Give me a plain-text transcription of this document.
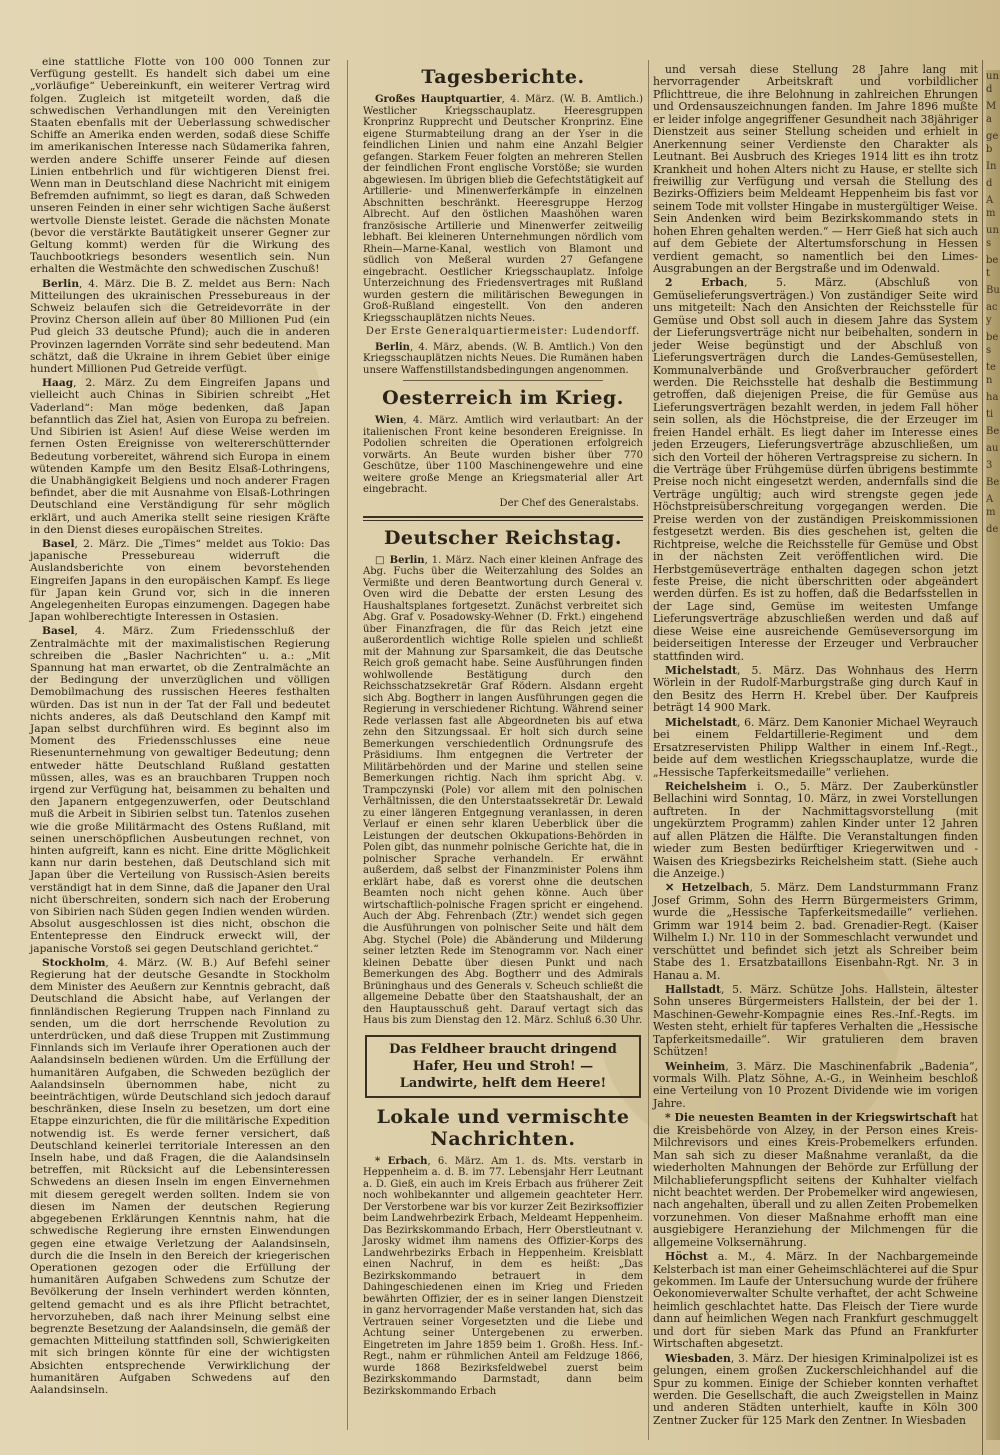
eine stattliche Flotte von 100 000 Tonnen zur Verfügung gestellt. Es handelt sich dabei um eine „vorläufige“ Uebereinkunft, ein weiterer Vertrag wird folgen. Zugleich ist mitgeteilt worden, daß die schwedischen Verhandlungen mit den Vereinigten Staaten ebenfalls mit der Ueberlassung schwedischer Schiffe an Amerika enden werden, sodaß diese Schiffe im amerikanischen Interesse nach Südamerika fahren, werden andere Schiffe unserer Feinde auf diesen Linien entbehrlich und für wichtigeren Dienst frei. Wenn man in Deutschland diese Nachricht mit einigem Befremden aufnimmt, so liegt es daran, daß Schweden unseren Feinden in einer sehr wichtigen Sache äußerst wertvolle Dienste leistet. Gerade die nächsten Monate (bevor die verstärkte Bautätigkeit unserer Gegner zur Geltung kommt) werden für die Wirkung des Tauchbootkriegs besonders wesentlich sein. Nun erhalten die Westmächte den schwedischen Zuschuß!

Berlin, 4. März. Die B. Z. meldet aus Bern: Nach Mitteilungen des ukrainischen Pressebureaus in der Schweiz belaufen sich die Getreidevorräte in der Provinz Cherson allein auf über 80 Millionen Pud (ein Pud gleich 33 deutsche Pfund); auch die in anderen Provinzen lagernden Vorräte sind sehr bedeutend. Man schätzt, daß die Ukraine in ihrem Gebiet über einige hundert Millionen Pud Getreide verfügt.

Haag, 2. März. Zu dem Eingreifen Japans und vielleicht auch Chinas in Sibirien schreibt „Het Vaderland“: Man möge bedenken, daß Japan befanntlich das Ziel hat, Asien von Europa zu befreien. Und Sibirien ist Asien! Auf diese Weise werden im fernen Osten Ereignisse von weltererschütternder Bedeutung vorbereitet, während sich Europa in einem wütenden Kampfe um den Besitz Elsaß-Lothringens, die Unabhängigkeit Belgiens und noch anderer Fragen befindet, aber die mit Ausnahme von Elsaß-Lothringen Deutschland eine Verständigung für sehr möglich erklärt, und auch Amerika stellt seine riesigen Kräfte in den Dienst dieses europäischen Streites.

Basel, 2. März. Die „Times“ meldet aus Tokio: Das japanische Pressebureau widerruft die Auslandsberichte von einem bevorstehenden Eingreifen Japans in den europäischen Kampf. Es liege für Japan kein Grund vor, sich in die inneren Angelegenheiten Europas einzumengen. Dagegen habe Japan wohlberechtigte Interessen in Ostasien.

Basel, 4. März. Zum Friedensschluß der Zentralmächte mit der maximalistischen Regierung schreiben die „Basler Nachrichten“ u. a.: „Mit Spannung hat man erwartet, ob die Zentralmächte an der Bedingung der unverzüglichen und völligen Demobilmachung des russischen Heeres festhalten würden. Das ist nun in der Tat der Fall und bedeutet nichts anderes, als daß Deutschland den Kampf mit Japan selbst durchführen wird. Es beginnt also im Moment des Friedensschlusses eine neue Riesenunternehmung von gewaltiger Bedeutung; denn entweder hätte Deutschland Rußland gestatten müssen, alles, was es an brauchbaren Truppen noch irgend zur Verfügung hat, beisammen zu behalten und den Japanern entgegenzuwerfen, oder Deutschland muß die Arbeit in Sibirien selbst tun. Tatenlos zusehen wie die große Militärmacht des Ostens Rußland, mit seinen unerschöpflichen Ausbeutungen rechnet, von hinten aufgreift, kann es nicht. Eine dritte Möglichkeit kann nur darin bestehen, daß Deutschland sich mit Japan über die Verteilung von Russisch-Asien bereits verständigt hat in dem Sinne, daß die Japaner den Ural nicht überschreiten, sondern sich nach der Eroberung von Sibirien nach Süden gegen Indien wenden würden. Absolut ausgeschlossen ist dies nicht, obschon die Ententepresse den Eindruck erweckt will, der japanische Vorstoß sei gegen Deutschland gerichtet.“

Stockholm, 4. März. (W. B.) Auf Befehl seiner Regierung hat der deutsche Gesandte in Stockholm dem Minister des Aeußern zur Kenntnis gebracht, daß Deutschland die Absicht habe, auf Verlangen der finnländischen Regierung Truppen nach Finnland zu senden, um die dort herrschende Revolution zu unterdrücken, und daß diese Truppen mit Zustimmung Finnlands sich im Verlaufe ihrer Operationen auch der Aalandsinseln bedienen würden. Um die Erfüllung der humanitären Aufgaben, die Schweden bezüglich der Aalandsinseln übernommen habe, nicht zu beeinträchtigen, würde Deutschland sich jedoch darauf beschränken, diese Inseln zu besetzen, um dort eine Etappe einzurichten, die für die militärische Expedition notwendig ist. Es werde ferner versichert, daß Deutschland keinerlei territoriale Interessen an den Inseln habe, und daß Fragen, die die Aalandsinseln betreffen, mit Rücksicht auf die Lebensinteressen Schwedens an diesen Inseln im engen Einvernehmen mit diesem geregelt werden sollten. Indem sie von diesen im Namen der deutschen Regierung abgegebenen Erklärungen Kenntnis nahm, hat die schwedische Regierung ihre ernsten Einwendungen gegen eine etwaige Verletzung der Aalandsinseln, durch die die Inseln in den Bereich der kriegerischen Operationen gezogen oder die Erfüllung der humanitären Aufgaben Schwedens zum Schutze der Bevölkerung der Inseln verhindert werden könnten, geltend gemacht und es als ihre Pflicht betrachtet, hervorzuheben, daß nach ihrer Meinung selbst eine begrenzte Besetzung der Aalandsinseln, die gemäß der gemachten Mitteilung stattfinden soll, Schwierigkeiten mit sich bringen könnte für eine der wichtigsten Absichten entsprechende Verwirklichung der humanitären Aufgaben Schwedens auf den Aalandsinseln.

Tagesberichte.

Großes Hauptquartier, 4. März. (W. B. Amtlich.) Westlicher Kriegsschauplatz. Heeresgruppen Kronprinz Rupprecht und Deutscher Kronprinz. Eine eigene Sturmabteilung drang an der Yser in die feindlichen Linien und nahm eine Anzahl Belgier gefangen. Starkem Feuer folgten an mehreren Stellen der feindlichen Front englische Vorstöße; sie wurden abgewiesen. Im übrigen blieb die Gefechtstätigkeit auf Artillerie- und Minenwerferkämpfe in einzelnen Abschnitten beschränkt. Heeresgruppe Herzog Albrecht. Auf den östlichen Maashöhen waren französische Artillerie und Minenwerfer zeitweilig lebhaft. Bei kleineren Unternehmungen nördlich vom Rhein—Marne-Kanal, westlich von Blamont und südlich von Meßeral wurden 27 Gefangene eingebracht. Oestlicher Kriegsschauplatz. Infolge Unterzeichnung des Friedensvertrages mit Rußland wurden gestern die militärischen Bewegungen in Groß-Rußland eingestellt. Von den anderen Kriegsschauplätzen nichts Neues.

Der Erste Generalquartiermeister: Ludendorff.

Berlin, 4. März, abends. (W. B. Amtlich.) Von den Kriegsschauplätzen nichts Neues. Die Rumänen haben unsere Waffenstillstandsbedingungen angenommen.

Oesterreich im Krieg.

Wien, 4. März. Amtlich wird verlautbart: An der italienischen Front keine besonderen Ereignisse. In Podolien schreiten die Operationen erfolgreich vorwärts. An Beute wurden bisher über 770 Geschütze, über 1100 Maschinengewehre und eine weitere große Menge an Kriegsmaterial aller Art eingebracht.

Der Chef des Generalstabs.
Deutscher Reichstag.

□ Berlin, 1. März. Nach einer kleinen Anfrage des Abg. Fuchs über die Weiterzahlung des Soldes an Vermißte und deren Beantwortung durch General v. Oven wird die Debatte der ersten Lesung des Haushaltsplanes fortgesetzt. Zunächst verbreitet sich Abg. Graf v. Posadowsky-Wehner (D. Frkt.) eingehend über Finanzfragen, die für das Reich jetzt eine außerordentlich wichtige Rolle spielen und schließt mit der Mahnung zur Sparsamkeit, die das Deutsche Reich groß gemacht habe. Seine Ausführungen finden wohlwollende Bestätigung durch den Reichsschatzsekretär Graf Rödern. Alsdann ergeht sich Abg. Bogtherr in langen Ausführungen gegen die Regierung in verschiedener Richtung. Während seiner Rede verlassen fast alle Abgeordneten bis auf etwa zehn den Sitzungssaal. Er holt sich durch seine Bemerkungen verschiedentlich Ordnungsrufe des Präsidiums. Ihm entgegnen die Vertreter der Militärbehörden und der Marine und stellen seine Bemerkungen richtig. Nach ihm spricht Abg. v. Trampczynski (Pole) vor allem mit den polnischen Verhältnissen, die den Unterstaatssekretär Dr. Lewald zu einer längeren Entgegnung veranlassen, in deren Verlauf er einen sehr klaren Ueberblick über die Leistungen der deutschen Okkupations-Behörden in Polen gibt, das nunmehr polnische Gerichte hat, die in polnischer Sprache verhandeln. Er erwähnt außerdem, daß selbst der Finanzminister Polens ihm erklärt habe, daß es vorerst ohne die deutschen Beamten noch nicht gehen könne. Auch über wirtschaftlich-polnische Fragen spricht er eingehend. Auch der Abg. Fehrenbach (Ztr.) wendet sich gegen die Ausführungen von polnischer Seite und hält dem Abg. Stychel (Pole) die Abänderung und Milderung seiner letzten Rede im Stenogramm vor. Nach einer kleinen Debatte über diesen Punkt und nach Bemerkungen des Abg. Bogtherr und des Admirals Brüninghaus und des Generals v. Scheuch schließt die allgemeine Debatte über den Staatshaushalt, der an den Hauptausschuß geht. Darauf vertagt sich das Haus bis zum Dienstag den 12. März. Schluß 6.30 Uhr.

Das Feldheer braucht dringend Hafer, Heu und Stroh! — Landwirte, helft dem Heere!
Lokale und vermischte Nachrichten.

* Erbach, 6. März. Am 1. ds. Mts. verstarb in Heppenheim a. d. B. im 77. Lebensjahr Herr Leutnant a. D. Gieß, ein auch im Kreis Erbach aus früherer Zeit noch wohlbekannter und allgemein geachteter Herr. Der Verstorbene war bis vor kurzer Zeit Bezirksoffizier beim Landwehrbezirk Erbach, Meldeamt Heppenheim. Das Bezirkskommando Erbach, Herr Oberstleutnant v. Jarosky widmet ihm namens des Offizier-Korps des Landwehrbezirks Erbach in Heppenheim. Kreisblatt einen Nachruf, in dem es heißt: „Das Bezirkskommando betrauert in dem Dahingeschiedenen einen im Krieg und Frieden bewährten Offizier, der es in seiner langen Dienstzeit in ganz hervorragender Maße verstanden hat, sich das Vertrauen seiner Vorgesetzten und die Liebe und Achtung seiner Untergebenen zu erwerben. Eingetreten im Jahre 1859 beim 1. Großh. Hess. Inf.-Regt., nahm er rühmlichen Anteil am Feldzuge 1866, wurde 1868 Bezirksfeldwebel zuerst beim Bezirkskommando Darmstadt, dann beim Bezirkskommando Erbach

und versah diese Stellung 28 Jahre lang mit hervorragender Arbeitskraft und vorbildlicher Pflichttreue, die ihre Belohnung in zahlreichen Ehrungen und Ordensauszeichnungen fanden. Im Jahre 1896 mußte er leider infolge angegriffener Gesundheit nach 38jähriger Dienstzeit aus seiner Stellung scheiden und erhielt in Anerkennung seiner Verdienste den Charakter als Leutnant. Bei Ausbruch des Krieges 1914 litt es ihn trotz Krankheit und hohen Alters nicht zu Hause, er stellte sich freiwillig zur Verfügung und versah die Stellung des Bezirks-Offiziers beim Meldeamt Heppenheim bis fast vor seinem Tode mit vollster Hingabe in mustergültiger Weise. Sein Andenken wird beim Bezirkskommando stets in hohen Ehren gehalten werden.“ — Herr Gieß hat sich auch auf dem Gebiete der Altertumsforschung in Hessen verdient gemacht, so namentlich bei den Limes-Ausgrabungen an der Bergstraße und im Odenwald.

2 Erbach, 5. März. (Abschluß von Gemüselieferungsverträgen.) Von zuständiger Seite wird uns mitgeteilt: Nach den Ansichten der Reichsstelle für Gemüse und Obst soll auch in diesem Jahre das System der Lieferungsverträge nicht nur beibehalten, sondern in jeder Weise begünstigt und der Abschluß von Lieferungsverträgen durch die Landes-Gemüsestellen, Kommunalverbände und Großverbraucher gefördert werden. Die Reichsstelle hat deshalb die Bestimmung getroffen, daß diejenigen Preise, die für Gemüse aus Lieferungsverträgen bezahlt werden, in jedem Fall höher sein sollen, als die Höchstpreise, die der Erzeuger im freien Handel erhält. Es liegt daher im Interesse eines jeden Erzeugers, Lieferungsverträge abzuschließen, um sich den Vorteil der höheren Vertragspreise zu sichern. In die Verträge über Frühgemüse dürfen übrigens bestimmte Preise noch nicht eingesetzt werden, andernfalls sind die Verträge ungültig; auch wird strengste gegen jede Höchstpreisüberschreitung vorgegangen werden. Die Preise werden von der zuständigen Preiskommissionen festgesetzt werden. Bis dies geschehen ist, gelten die Richtpreise, welche die Reichsstelle für Gemüse und Obst in der nächsten Zeit veröffentlichen wird. Die Herbstgemüseverträge enthalten dagegen schon jetzt feste Preise, die nicht überschritten oder abgeändert werden dürfen. Es ist zu hoffen, daß die Bedarfsstellen in der Lage sind, Gemüse im weitesten Umfange Lieferungsverträge abzuschließen werden und daß auf diese Weise eine ausreichende Gemüseversorgung im beiderseitigen Interesse der Erzeuger und Verbraucher stattfinden wird.

Michelstadt, 5. März. Das Wohnhaus des Herrn Wörlein in der Rudolf-Marburgstraße ging durch Kauf in den Besitz des Herrn H. Krebel über. Der Kaufpreis beträgt 14 900 Mark.

Michelstadt, 6. März. Dem Kanonier Michael Weyrauch bei einem Feldartillerie-Regiment und dem Ersatzreservisten Philipp Walther in einem Inf.-Regt., beide auf dem westlichen Kriegsschauplatze, wurde die „Hessische Tapferkeitsmedaille“ verliehen.

Reichelsheim i. O., 5. März. Der Zauberkünstler Bellachini wird Sonntag, 10. März, in zwei Vorstellungen auftreten. In der Nachmittagsvorstellung (mit ungekürztem Programm) zahlen Kinder unter 12 Jahren auf allen Plätzen die Hälfte. Die Veranstaltungen finden wieder zum Besten bedürftiger Kriegerwitwen und -Waisen des Kriegsbezirks Reichelsheim statt. (Siehe auch die Anzeige.)

✕ Hetzelbach, 5. März. Dem Landsturmmann Franz Josef Grimm, Sohn des Herrn Bürgermeisters Grimm, wurde die „Hessische Tapferkeitsmedaille“ verliehen. Grimm war 1914 beim 2. bad. Grenadier-Regt. (Kaiser Wilhelm I.) Nr. 110 in der Sommeschlacht verwundet und verschüttet und befindet sich jetzt als Schreiber beim Stabe des 1. Ersatzbataillons Eisenbahn-Rgt. Nr. 3 in Hanau a. M.

Hallstadt, 5. März. Schütze Johs. Hallstein, ältester Sohn unseres Bürgermeisters Hallstein, der bei der 1. Maschinen-Gewehr-Kompagnie eines Res.-Inf.-Regts. im Westen steht, erhielt für tapferes Verhalten die „Hessische Tapferkeitsmedaille“. Wir gratulieren dem braven Schützen!

Weinheim, 3. März. Die Maschinenfabrik „Badenia“, vormals Wilh. Platz Söhne, A.-G., in Weinheim beschloß eine Verteilung von 10 Prozent Dividende wie im vorigen Jahre.

* Die neuesten Beamten in der Kriegswirtschaft hat die Kreisbehörde von Alzey, in der Person eines Kreis-Milchrevisors und eines Kreis-Probemelkers erfunden. Man sah sich zu dieser Maßnahme veranlaßt, da die wiederholten Mahnungen der Behörde zur Erfüllung der Milchablieferungspflicht seitens der Kuhhalter vielfach nicht beachtet werden. Der Probemelker wird angewiesen, nach angehalten, überall und zu allen Zeiten Probemelken vorzunehmen. Von dieser Maßnahme erhofft man eine ausgiebigere Heranziehung der Milchmengen für die allgemeine Volksernährung.

Höchst a. M., 4. März. In der Nachbargemeinde Kelsterbach ist man einer Geheimschlächterei auf die Spur gekommen. Im Laufe der Untersuchung wurde der frühere Oekonomieverwalter Schulte verhaftet, der acht Schweine heimlich geschlachtet hatte. Das Fleisch der Tiere wurde dann auf heimlichen Wegen nach Frankfurt geschmuggelt und dort für sieben Mark das Pfund an Frankfurter Wirtschaften abgesetzt.

Wiesbaden, 3. März. Der hiesigen Kriminalpolizei ist es gelungen, einem großen Zuckerschleichhandel auf die Spur zu kommen. Einige der Schieber konnten verhaftet werden. Die Gesellschaft, die auch Zweigstellen in Mainz und anderen Städten unterhielt, kaufte in Köln 300 Zentner Zucker für 125 Mark den Zentner. In Wiesbaden

und
Ma
geb
In
d
Am
uns
bet
Bu
acy
bes
ten
ha
ti
Be
au
3
Be
Am
de
